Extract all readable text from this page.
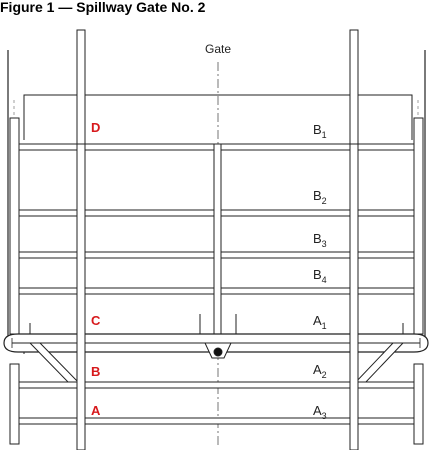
Figure 1 — Spillway Gate No. 2
Gate
D
C
B
A
$B_1$
$B_2$
$B_3$
$B_4$
$A_1$
$A_2$
$A_3$
